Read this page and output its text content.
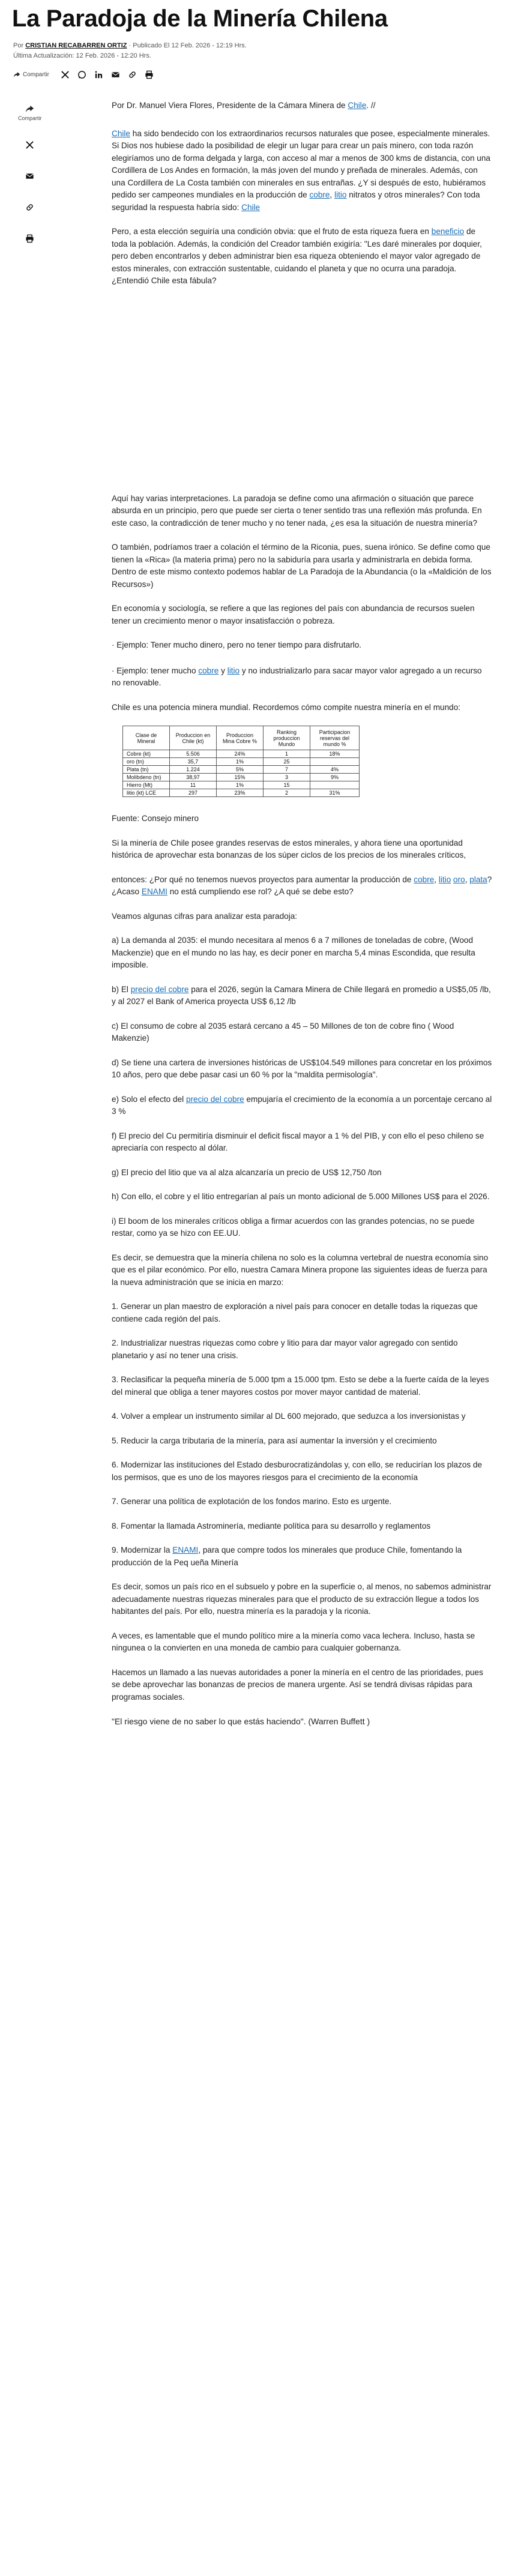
La Paradoja de la Minería Chilena
Por CRISTIAN RECABARREN ORTIZ · Publicado El 12 Feb. 2026 - 12:19 Hrs.
Última Actualización: 12 Feb. 2026 - 12:20 Hrs.
Compartir
Compartir

Por Dr. Manuel Viera Flores, Presidente de la Cámara Minera de Chile. //

Chile ha sido bendecido con los extraordinarios recursos naturales que posee, especialmente minerales. Si Dios nos hubiese dado la posibilidad de elegir un lugar para crear un país minero, con toda razón elegiríamos uno de forma delgada y larga, con acceso al mar a menos de 300 kms de distancia, con una Cordillera de Los Andes en formación, la más joven del mundo y preñada de minerales. Además, con una Cordillera de La Costa también con minerales en sus entrañas. ¿Y si después de esto, hubiéramos pedido ser campeones mundiales en la producción de cobre, litio nitratos y otros minerales? Con toda seguridad la respuesta habría sido: Chile

Pero, a esta elección seguiría una condición obvia: que el fruto de esta riqueza fuera en beneficio de toda la población. Además, la condición del Creador también exigiría: "Les daré minerales por doquier, pero deben encontrarlos y deben administrar bien esa riqueza obteniendo el mayor valor agregado de estos minerales, con extracción sustentable, cuidando el planeta y que no ocurra una paradoja. ¿Entendió Chile esta fábula?

Aquí hay varias interpretaciones. La paradoja se define como una afirmación o situación que parece absurda en un principio, pero que puede ser cierta o tener sentido tras una reflexión más profunda. En este caso, la contradicción de tener mucho y no tener nada, ¿es esa la situación de nuestra minería?

O también, podríamos traer a colación el término de la Riconia, pues, suena irónico. Se define como que tienen la «Rica» (la materia prima) pero no la sabiduría para usarla y administrarla en debida forma. Dentro de este mismo contexto podemos hablar de La Paradoja de la Abundancia (o la «Maldición de los Recursos»)

En economía y sociología, se refiere a que las regiones del país con abundancia de recursos suelen tener un crecimiento menor o mayor insatisfacción o pobreza.

· Ejemplo: Tener mucho dinero, pero no tener tiempo para disfrutarlo.

· Ejemplo: tener mucho cobre y litio y no industrializarlo para sacar mayor valor agregado a un recurso no renovable.

Chile es una potencia minera mundial. Recordemos cómo compite nuestra minería en el mundo:

Clase de Mineral	Produccion en Chile (kt)	Produccion Mina Cobre %	Ranking produccion Mundo	Participacion reservas del mundo %
Cobre (kt)	5.506	24%	1	18%
oro (tn)	35,7	1%	25	
Plata (tn)	1.224	5%	7	4%
Molibdeno (tn)	38,97	15%	3	9%
Hierro (Mt)	11	1%	15	
litio (kt) LCE	297	23%	2	31%

Fuente: Consejo minero

Si la minería de Chile posee grandes reservas de estos minerales, y ahora tiene una oportunidad histórica de aprovechar esta bonanzas de los súper ciclos de los precios de los minerales críticos,

entonces: ¿Por qué no tenemos nuevos proyectos para aumentar la producción de cobre, litio oro, plata? ¿Acaso ENAMI no está cumpliendo ese rol? ¿A qué se debe esto?

Veamos algunas cifras para analizar esta paradoja:

a) La demanda al 2035: el mundo necesitara al menos 6 a 7 millones de toneladas de cobre, (Wood Mackenzie) que en el mundo no las hay, es decir poner en marcha 5,4 minas Escondida, que resulta imposible.

b) El precio del cobre para el 2026, según la Camara Minera de Chile llegará en promedio a US$5,05 /lb, y al 2027 el Bank of America proyecta US$ 6,12 /lb

c) El consumo de cobre al 2035 estará cercano a 45 – 50 Millones de ton de cobre fino ( Wood Makenzie)

d) Se tiene una cartera de inversiones históricas de US$104.549 millones para concretar en los próximos 10 años, pero que debe pasar casi un 60 % por la "maldita permisología".

e) Solo el efecto del precio del cobre empujaría el crecimiento de la economía a un porcentaje cercano al 3 %

f) El precio del Cu permitiría disminuir el deficit fiscal mayor a 1 % del PIB, y con ello el peso chileno se apreciaría con respecto al dólar.

g) El precio del litio que va al alza alcanzaría un precio de US$ 12,750 /ton

h) Con ello, el cobre y el litio entregarían al país un monto adicional de 5.000 Millones US$ para el 2026.

i) El boom de los minerales críticos obliga a firmar acuerdos con las grandes potencias, no se puede restar, como ya se hizo con EE.UU.

Es decir, se demuestra que la minería chilena no solo es la columna vertebral de nuestra economía sino que es el pilar económico. Por ello, nuestra Camara Minera propone las siguientes ideas de fuerza para la nueva administración que se inicia en marzo:

1. Generar un plan maestro de exploración a nivel país para conocer en detalle todas la riquezas que contiene cada región del país.

2. Industrializar nuestras riquezas como cobre y litio para dar mayor valor agregado con sentido planetario y así no tener una crisis.

3. Reclasificar la pequeña minería de 5.000 tpm a 15.000 tpm. Esto se debe a la fuerte caída de la leyes del mineral que obliga a tener mayores costos por mover mayor cantidad de material.

4. Volver a emplear un instrumento similar al DL 600 mejorado, que seduzca a los inversionistas y

5. Reducir la carga tributaria de la minería, para así aumentar la inversión y el crecimiento

6. Modernizar las instituciones del Estado desburocratizándolas y, con ello, se reducirían los plazos de los permisos, que es uno de los mayores riesgos para el crecimiento de la economía

7. Generar una política de explotación de los fondos marino. Esto es urgente.

8. Fomentar la llamada Astrominería, mediante política para su desarrollo y reglamentos

9. Modernizar la ENAMI, para que compre todos los minerales que produce Chile, fomentando la producción de la Peq ueña Minería

Es decir, somos un país rico en el subsuelo y pobre en la superficie o, al menos, no sabemos administrar adecuadamente nuestras riquezas minerales para que el producto de su extracción llegue a todos los habitantes del país. Por ello, nuestra minería es la paradoja y la riconia.

A veces, es lamentable que el mundo político mire a la minería como vaca lechera. Incluso, hasta se ningunea o la convierten en una moneda de cambio para cualquier gobernanza.

Hacemos un llamado a las nuevas autoridades a poner la minería en el centro de las prioridades, pues se debe aprovechar las bonanzas de precios de manera urgente. Así se tendrá divisas rápidas para programas sociales.

"El riesgo viene de no saber lo que estás haciendo". (Warren Buffett )
